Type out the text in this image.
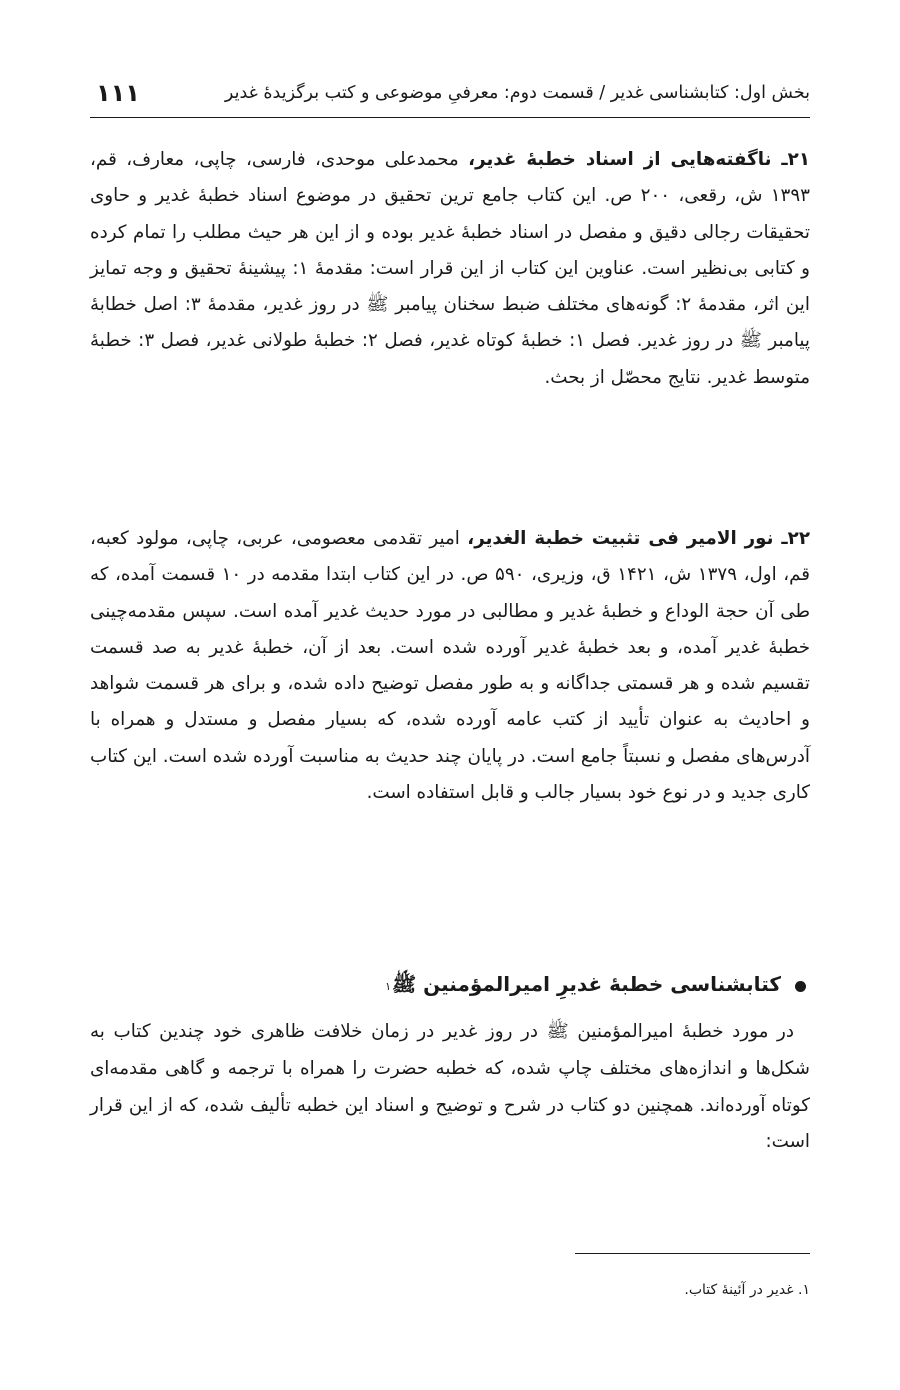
بخش اول: کتابشناسی غدیر / قسمت دوم: معرفیِ موضوعی و کتب برگزیدۀ غدیر
۱۱۱

۲۱ـ ناگفته‌هایی از اسناد خطبۀ غدیر، محمدعلی موحدی، فارسی، چاپی، معارف، قم، ۱۳۹۳ ش، رقعی، ۲۰۰ ص. این کتاب جامع ترین تحقیق در موضوع اسناد خطبۀ غدیر و حاوی تحقیقات رجالی دقیق و مفصل در اسناد خطبۀ غدیر بوده و از این هر حیث مطلب را تمام کرده و کتابی بی‌نظیر است. عناوین این کتاب از این قرار است: مقدمۀ ۱: پیشینۀ تحقیق و وجه تمایز این اثر، مقدمۀ ۲: گونه‌های مختلف ضبط سخنان پیامبر ﷺ در روز غدیر، مقدمۀ ۳: اصل خطابۀ پیامبر ﷺ در روز غدیر. فصل ۱: خطبۀ کوتاه غدیر، فصل ۲: خطبۀ طولانی غدیر، فصل ۳: خطبۀ متوسط غدیر. نتایج محصّل از بحث.

۲۲ـ نور الامیر فی تثبیت خطبة الغدیر، امیر تقدمی معصومی، عربی، چاپی، مولود کعبه، قم، اول، ۱۳۷۹ ش، ۱۴۲۱ ق، وزیری، ۵۹۰ ص. در این کتاب ابتدا مقدمه در ۱۰ قسمت آمده، که طی آن حجة الوداع و خطبۀ غدیر و مطالبی در مورد حدیث غدیر آمده است. سپس مقدمه‌چینی خطبۀ غدیر آمده، و بعد خطبۀ غدیر آورده شده است. بعد از آن، خطبۀ غدیر به صد قسمت تقسیم شده و هر قسمتی جداگانه و به طور مفصل توضیح داده شده، و برای هر قسمت شواهد و احادیث به عنوان تأیید از کتب عامه آورده شده، که بسیار مفصل و مستدل و همراه با آدرس‌های مفصل و نسبتاً جامع است. در پایان چند حدیث به مناسبت آورده شده است. این کتاب کاری جدید و در نوع خود بسیار جالب و قابل استفاده است.

کتابشناسی خطبۀ غدیرِ امیرالمؤمنین ﷺ
۱

در مورد خطبۀ امیرالمؤمنین ﷺ در روز غدیر در زمان خلافت ظاهری خود چندین کتاب به شکل‌ها و اندازه‌های مختلف چاپ شده، که خطبه حضرت را همراه با ترجمه و گاهی مقدمه‌ای کوتاه آورده‌اند. همچنین دو کتاب در شرح و توضیح و اسناد این خطبه تألیف شده، که از این قرار است:

۱. غدیر در آئینۀ کتاب.
